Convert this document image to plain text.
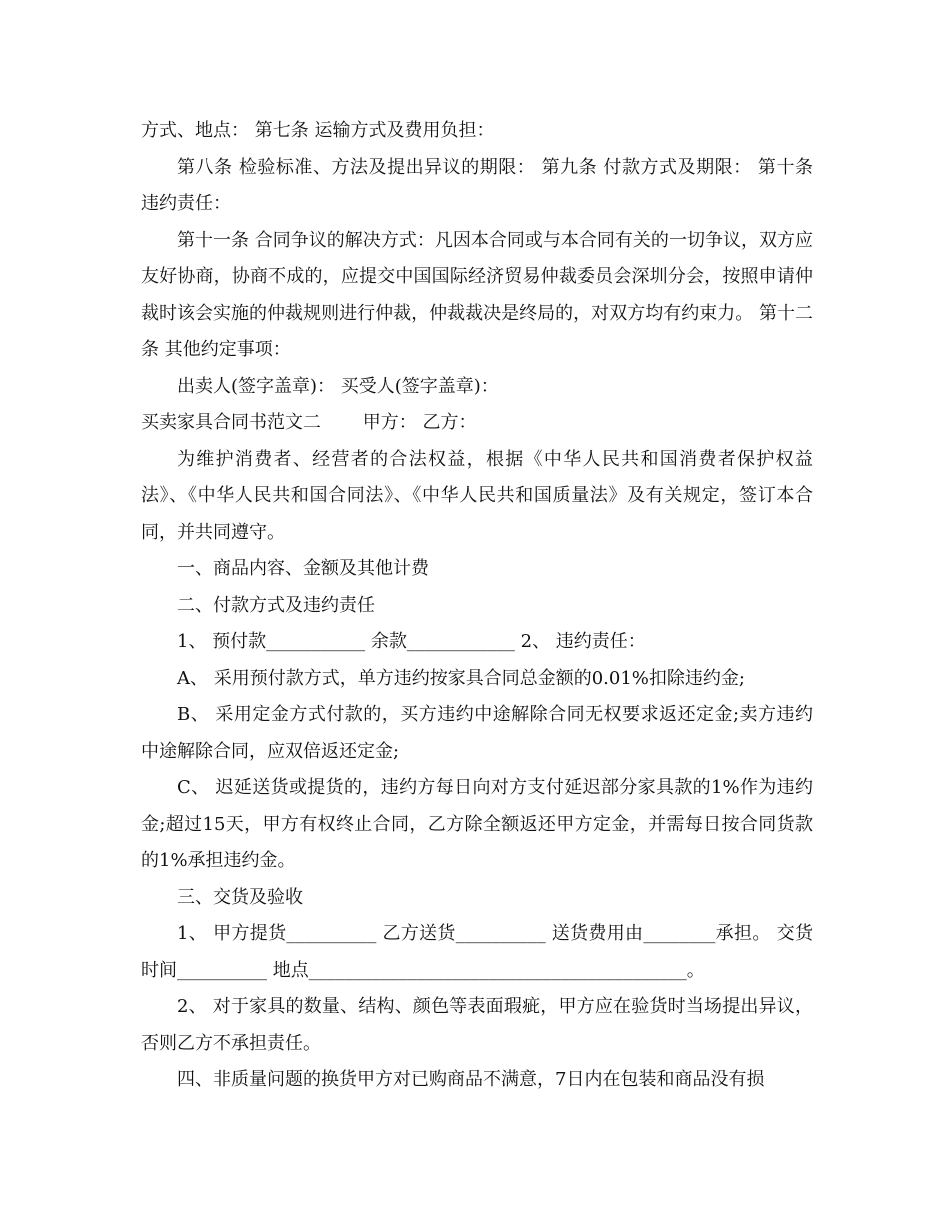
方式、地点： 第七条 运输方式及费用负担：

第八条 检验标准、方法及提出异议的期限： 第九条 付款方式及期限： 第十条 违约责任：

第十一条 合同争议的解决方式：凡因本合同或与本合同有关的一切争议，双方应友好协商，协商不成的，应提交中国国际经济贸易仲裁委员会深圳分会，按照申请仲裁时该会实施的仲裁规则进行仲裁，仲裁裁决是终局的，对双方均有约束力。 第十二条 其他约定事项：

出卖人(签字盖章)： 买受人(签字盖章)：

买卖家具合同书范文二　　 甲方： 乙方：

为维护消费者、经营者的合法权益，根据《中华人民共和国消费者保护权益法》、《中华人民共和国合同法》、《中华人民共和国质量法》及有关规定，签订本合同，并共同遵守。

一、商品内容、金额及其他计费

二、付款方式及违约责任

1、 预付款___________ 余款____________ 2、 违约责任：

A、 采用预付款方式，单方违约按家具合同总金额的0.01%扣除违约金;

B、 采用定金方式付款的，买方违约中途解除合同无权要求返还定金;卖方违约中途解除合同，应双倍返还定金;

C、 迟延送货或提货的，违约方每日向对方支付延迟部分家具款的1%作为违约金;超过15天，甲方有权终止合同，乙方除全额返还甲方定金，并需每日按合同货款的1%承担违约金。

三、交货及验收

1、 甲方提货__________ 乙方送货__________ 送货费用由________承担。 交货时间__________ 地点__________________________________________。

2、 对于家具的数量、结构、颜色等表面瑕疵，甲方应在验货时当场提出异议，否则乙方不承担责任。

四、非质量问题的换货甲方对已购商品不满意，7日内在包装和商品没有损
